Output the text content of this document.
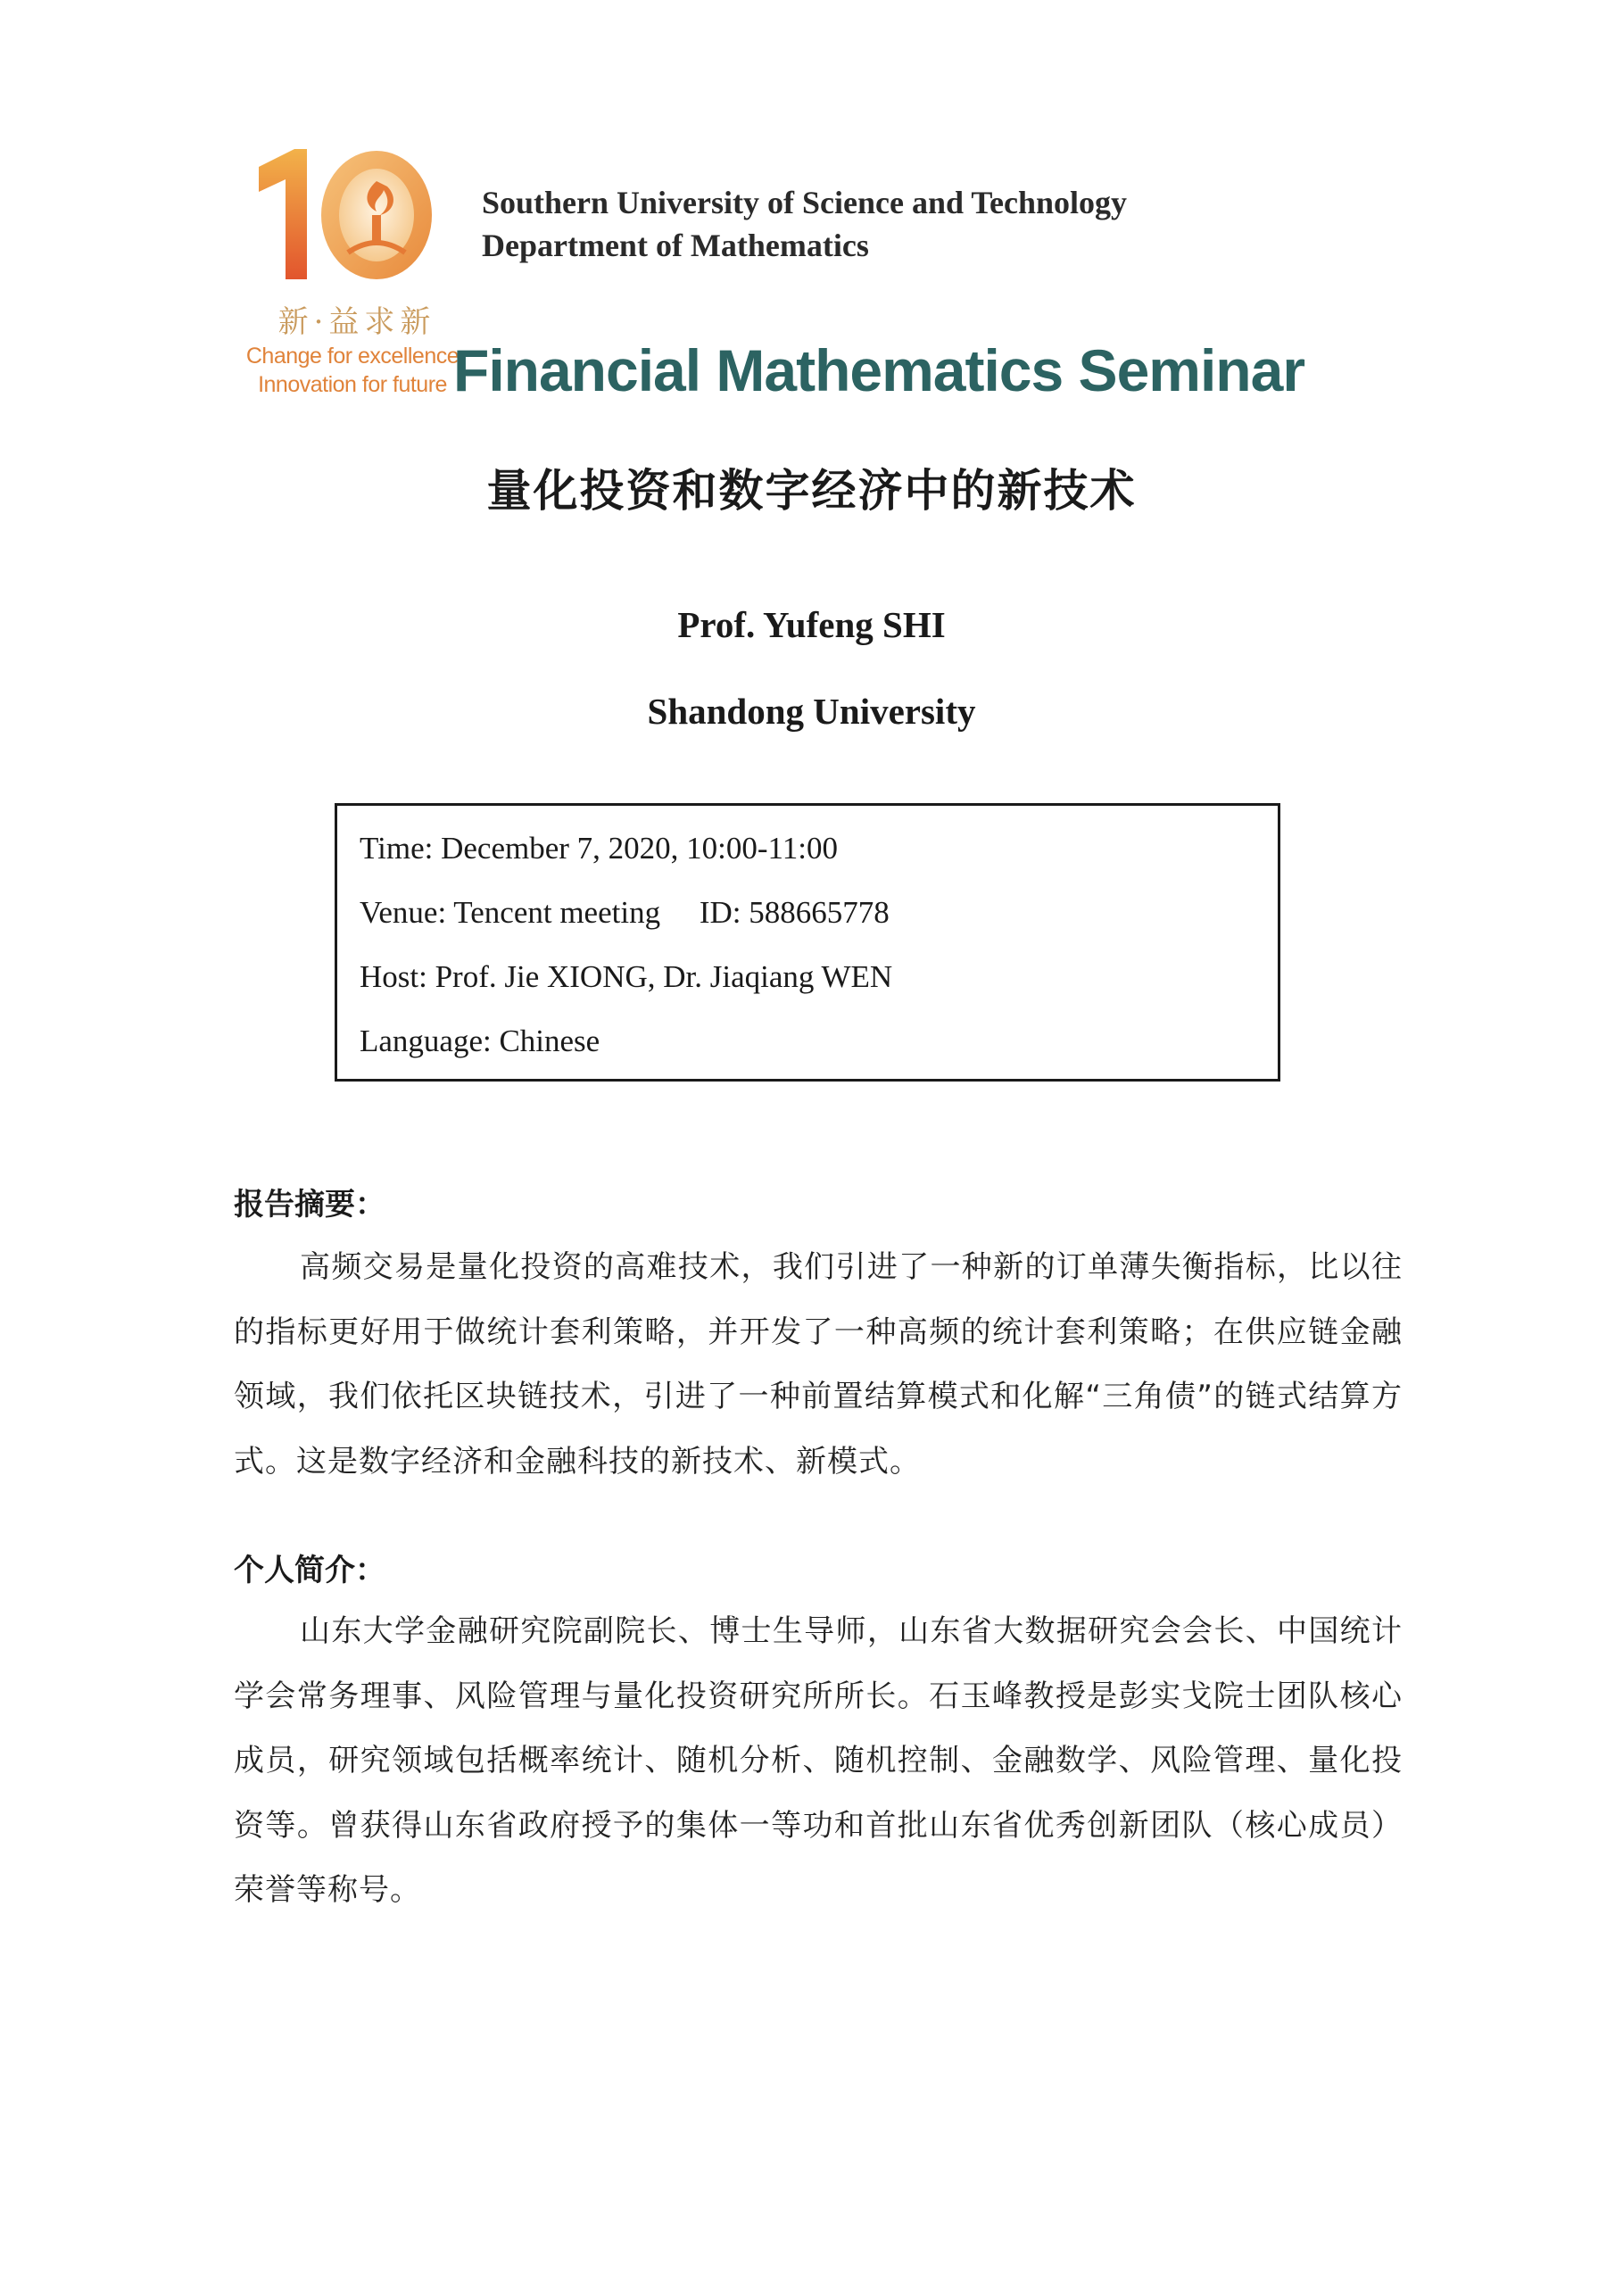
新·益求新
Change for excellence
Innovation for future
Southern University of Science and Technology
Department of Mathematics
Financial Mathematics Seminar
量化投资和数字经济中的新技术
Prof. Yufeng SHI
Shandong University
Time: December 7, 2020, 10:00-11:00
Venue: Tencent meeting     ID: 588665778
Host: Prof. Jie XIONG, Dr. Jiaqiang WEN
Language: Chinese
报告摘要：
高频交易是量化投资的高难技术，我们引进了一种新的订单薄失衡指标，比以往的指标更好用于做统计套利策略，并开发了一种高频的统计套利策略；在供应链金融领域，我们依托区块链技术，引进了一种前置结算模式和化解“三角债”的链式结算方式。这是数字经济和金融科技的新技术、新模式。
个人简介：
山东大学金融研究院副院长、博士生导师，山东省大数据研究会会长、中国统计学会常务理事、风险管理与量化投资研究所所长。石玉峰教授是彭实戈院士团队核心成员，研究领域包括概率统计、随机分析、随机控制、金融数学、风险管理、量化投资等。曾获得山东省政府授予的集体一等功和首批山东省优秀创新团队（核心成员）荣誉等称号。
